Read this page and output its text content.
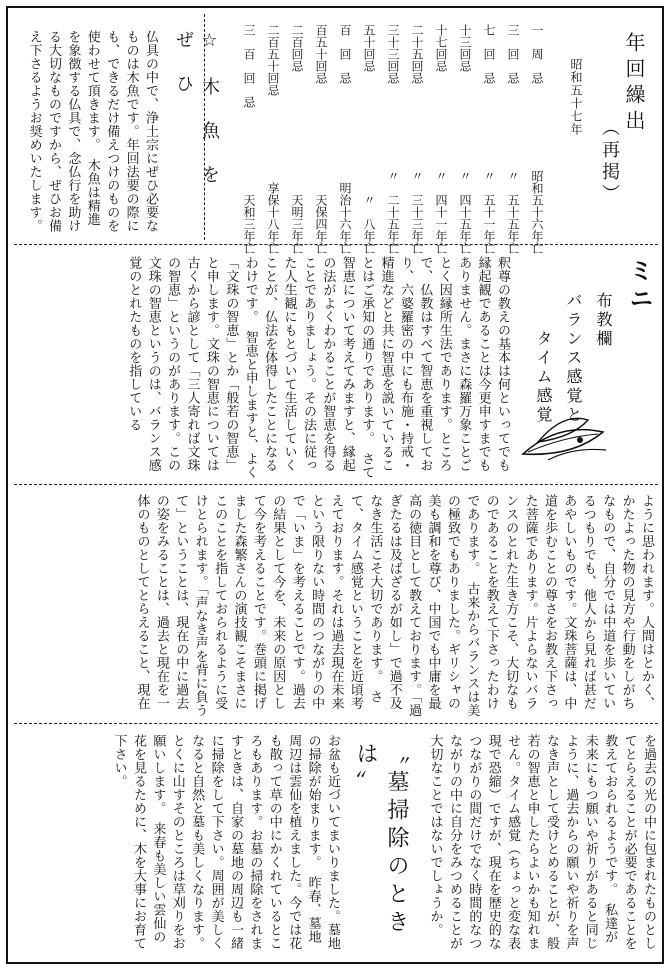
年回繰出
（再掲）
昭和五十七年
一　周　忌
昭和五十六年亡
三　回　忌
〃　五十五年亡
七　回　忌
〃　五十一年亡
十三回忌
〃　四十五年亡
十七回忌
〃　四十一年亡
二十五回忌
〃　三十三年亡
三十三回忌
〃　二十五年亡
五十回忌
〃　八年亡
百　回　忌
明治十六年亡
百五十回忌
天保四年亡
二百回忌
天明三年亡
二百五十回忌
享保十八年亡
三　百　回　忌
天和三年亡
☆　木　魚　を　ぜ　ひ
仏具の中で、浄土宗にぜひ必要なものは木魚です。年回法要の際にも、できるだけ備えつけのものを使わせて頂きます。　木魚は精進を象徴する仏具で、念仏行を助ける大切なものですから、ぜひお備え下さるようお奨めいたします。
ミニ
布教欄
バランス感覚と
タイム感覚
釈尊の教えの基本は何といってでも縁起観であることは今更申すまでもありません。まさに森羅万象ことごとく因縁所生法であります。ところで、仏教はすべて智恵を重視しており、六婆羅密の中にも布施・持戒・精進などと共に智恵を説いていることはご承知の通りであります。　さて智恵について考えてみますと、縁起の法がよくわかることが智恵を得ることでありましょう。その法に従った人生観にもとづいて生活していくことが、仏法を体得したことになるわけです。　智恵と申しますと、よく「文珠の智恵」とか「般若の智恵」と申します。文珠の智恵については古くから諺として「三人寄れば文珠の智恵」というのがあります。この文珠の智恵というのは、バランス感覚のとれたものを指している
ように思われます。人間はとかく、かたよった物の見方や行動をしがちなもので、自分では中道を歩いているつもりでも、他人から見れば甚だあやしいものです。文珠菩薩は、中道を歩むことの尊さをお教え下さった菩薩であります。片よらないバランスのとれた生き方こそ、大切なものであることを教えて下さったわけであります。　古来からバランスは美の極致でもありました。ギリシャの美も調和を尊び、中国でも中庸を最高の徳目として教えております。「過ぎたるは及ばざるが如し」で過不及なき生活こそ大切であります。　さて、タイム感覚ということを近頃考えております。それは過去現在未来という限りない時間のつながりの中で「いま」を考えることです。過去の結果として今を、未来の原因として今を考えることです。巻頭に掲げました森繁さんの演技観こそまさにこのことを指しておられるように受けとられます。「声なき声を背に負うて」ということは、現在の中に過去の姿をみることは、過去と現在を一体のものとしてとらえること、現在
を過去の光の中に包まれたものとしてとらえることが必要であることを教えておられるようです。　私達が未来にもつ願いや祈りがあると同じように、過去からの願いや祈りを声なき声として受けとめることが、般若の智恵と申したらよいかも知れません。タイム感覚（ちょっと変な表現で恐縮）ですが、現在を歴史的なつながりの間だけでなく時間的なつながりの中に自分をみつめることが大切なことではないでしょうか。
〝墓掃除のときは〟
お盆も近づいてまいりました。墓地の掃除が始まります。　昨春、墓地周辺は雲仙を植えました。今では花も散って草の中にかくれているところもあります。お墓の掃除をされますときは、自家の墓地の周辺も一緒に掃除をして下さい。周囲が美しくなると自然と墓も美しくなります。とくに山すそのところは草刈りをお願いします。　来春も美しい雲仙の花を見るために、木を大事にお育て下さい。
